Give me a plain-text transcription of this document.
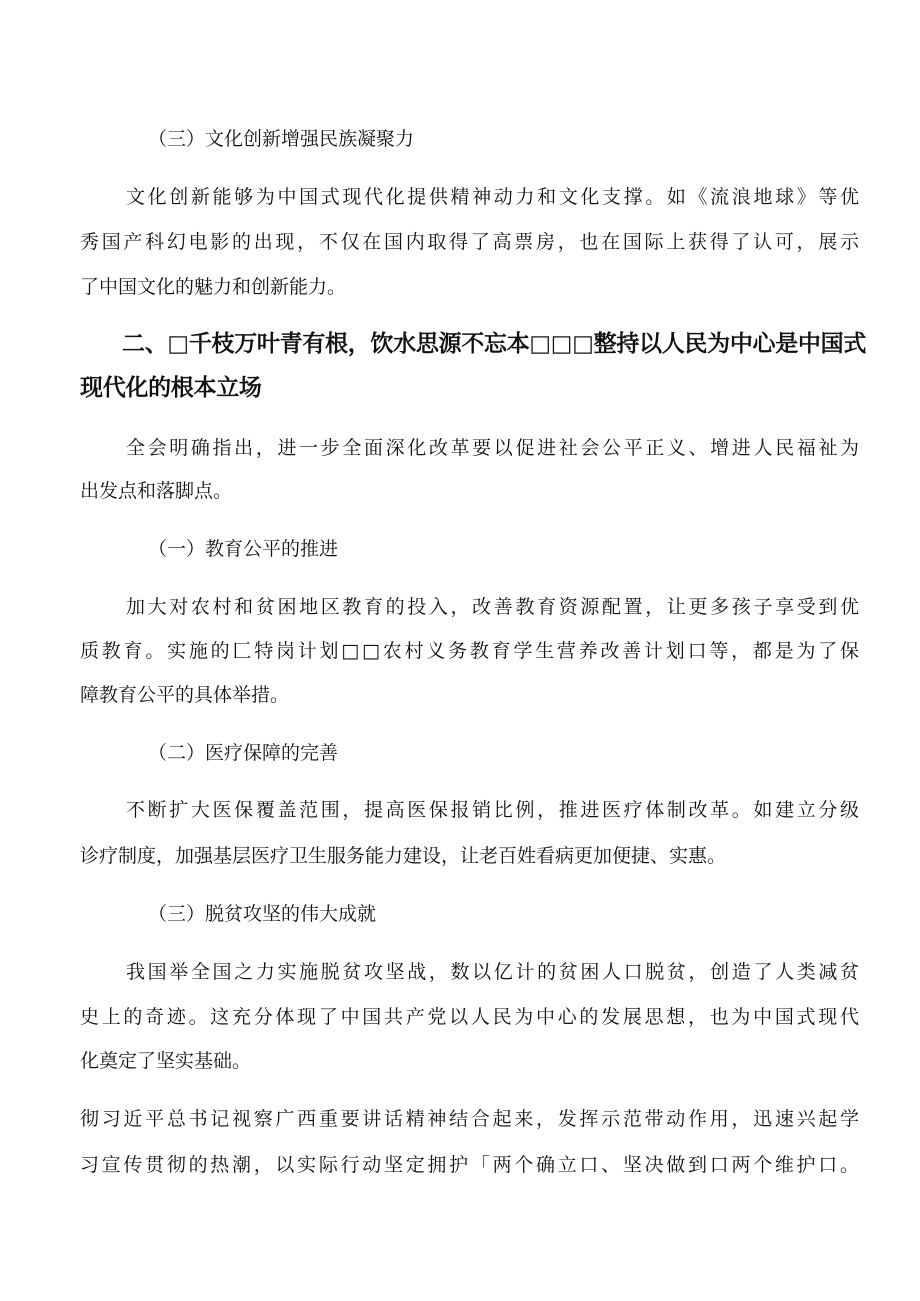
（三）文化创新增强民族凝聚力
文化创新能够为中国式现代化提供精神动力和文化支撑。如《流浪地球》等优
秀国产科幻电影的出现，不仅在国内取得了高票房，也在国际上获得了认可，展示
了中国文化的魅力和创新能力。
二、□千枝万叶青有根，饮水思源不忘本□□□整持以人民为中心是中国式
现代化的根本立场
全会明确指出，进一步全面深化改革要以促进社会公平正义、增进人民福祉为
出发点和落脚点。
（一）教育公平的推进
加大对农村和贫困地区教育的投入，改善教育资源配置，让更多孩子享受到优
质教育。实施的匚特岗计划□□农村义务教育学生营养改善计划口等，都是为了保
障教育公平的具体举措。
（二）医疗保障的完善
不断扩大医保覆盖范围，提高医保报销比例，推进医疗体制改革。如建立分级
诊疗制度，加强基层医疗卫生服务能力建设，让老百姓看病更加便捷、实惠。
（三）脱贫攻坚的伟大成就
我国举全国之力实施脱贫攻坚战，数以亿计的贫困人口脱贫，创造了人类减贫
史上的奇迹。这充分体现了中国共产党以人民为中心的发展思想，也为中国式现代
化奠定了坚实基础。
彻习近平总书记视察广西重要讲话精神结合起来，发挥示范带动作用，迅速兴起学
习宣传贯彻的热潮，以实际行动坚定拥护「两个确立口、坚决做到口两个维护口。
